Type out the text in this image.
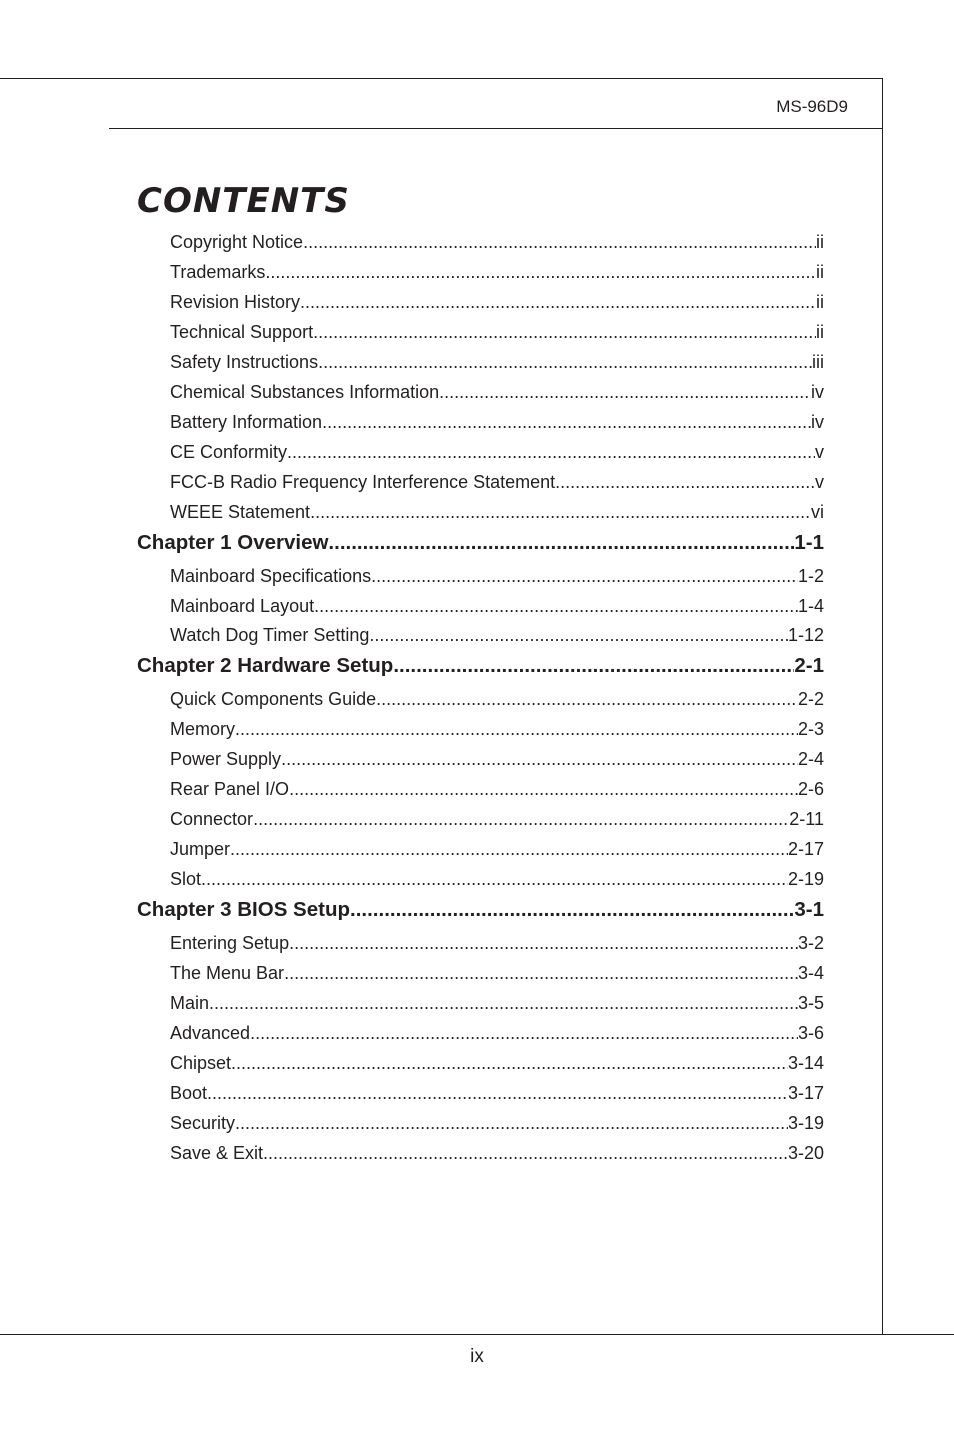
MS-96D9
CONTENTS
Copyright Notice .....	ii
Trademarks .....	ii
Revision History .....	ii
Technical Support .....	ii
Safety Instructions .....	iii
Chemical Substances Information .....	iv
Battery Information .....	iv
CE Conformity .....	v
FCC-B Radio Frequency Interference Statement .....	v
WEEE Statement .....	vi
Chapter 1 Overview .....	1-1
Mainboard Specifications .....	1-2
Mainboard Layout .....	1-4
Watch Dog Timer Setting .....	1-12
Chapter 2 Hardware Setup .....	2-1
Quick Components Guide .....	2-2
Memory .....	2-3
Power Supply .....	2-4
Rear Panel I/O .....	2-6
Connector .....	2-11
Jumper .....	2-17
Slot .....	2-19
Chapter 3 BIOS Setup .....	3-1
Entering Setup .....	3-2
The Menu Bar .....	3-4
Main .....	3-5
Advanced .....	3-6
Chipset .....	3-14
Boot .....	3-17
Security .....	3-19
Save & Exit .....	3-20
ix
